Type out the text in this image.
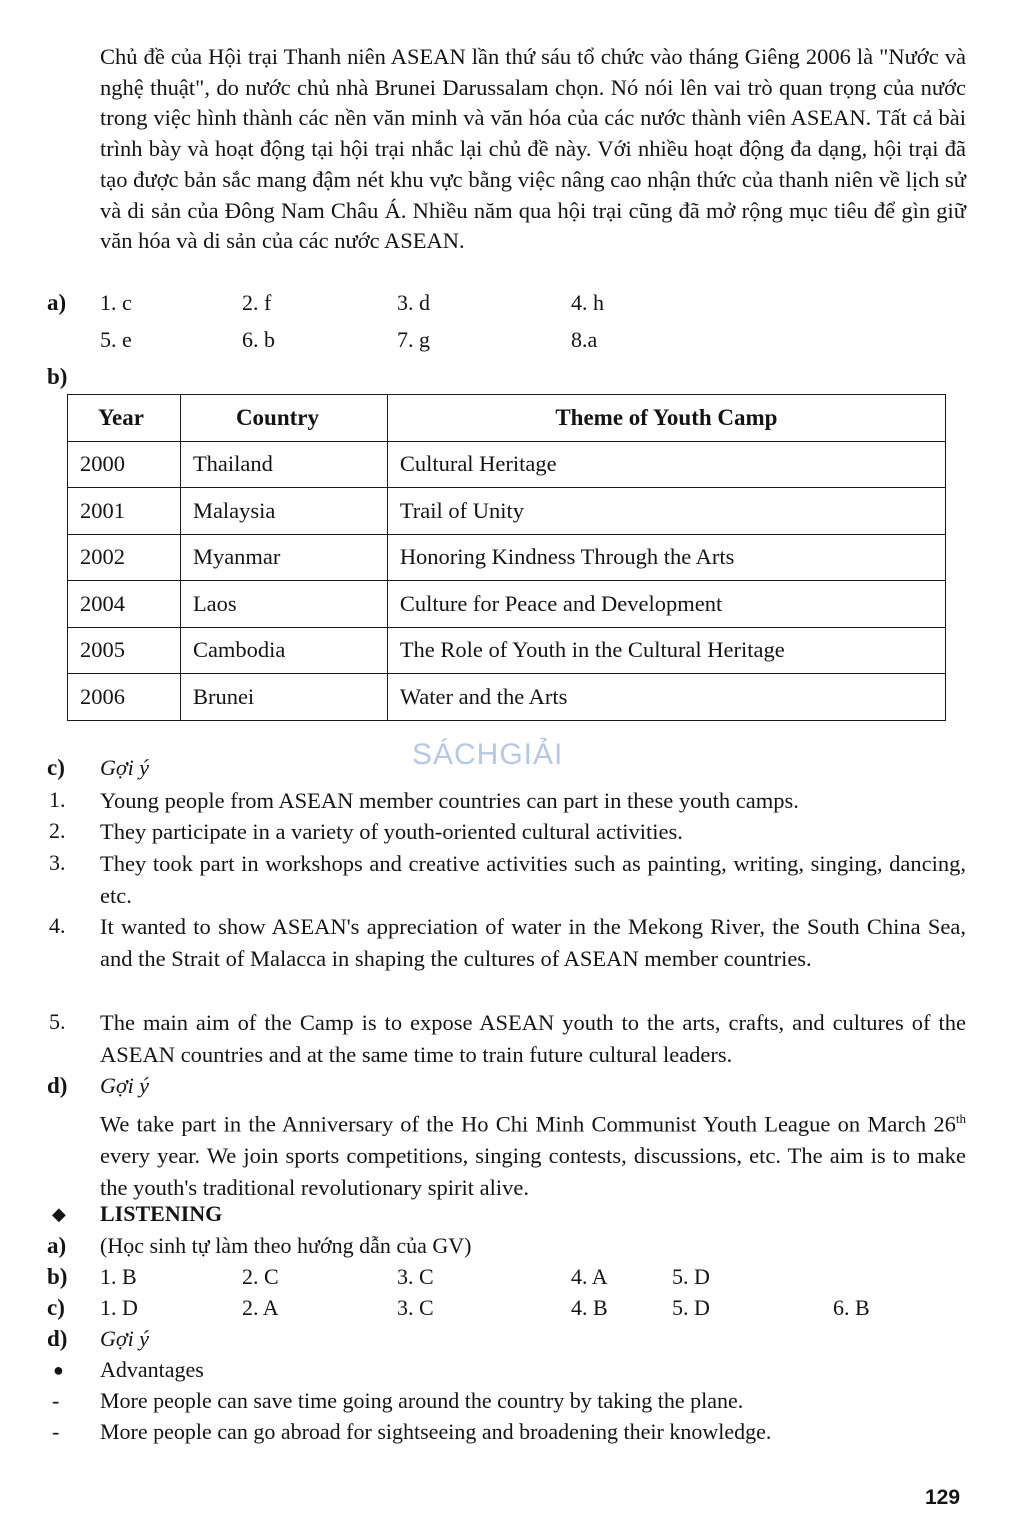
Chủ đề của Hội trại Thanh niên ASEAN lần thứ sáu tổ chức vào tháng Giêng 2006 là "Nước và nghệ thuật", do nước chủ nhà Brunei Darussalam chọn. Nó nói lên vai trò quan trọng của nước trong việc hình thành các nền văn minh và văn hóa của các nước thành viên ASEAN. Tất cả bài trình bày và hoạt động tại hội trại nhắc lại chủ đề này. Với nhiều hoạt động đa dạng, hội trại đã tạo được bản sắc mang đậm nét khu vực bằng việc nâng cao nhận thức của thanh niên về lịch sử và di sản của Đông Nam Châu Á. Nhiều năm qua hội trại cũng đã mở rộng mục tiêu để gìn giữ văn hóa và di sản của các nước ASEAN.

a) 1. c	2. f	3. d	4. h
5. e	6. b	7. g	8.a
b)
Year	Country	Theme of Youth Camp
2000	Thailand	Cultural Heritage
2001	Malaysia	Trail of Unity
2002	Myanmar	Honoring Kindness Through the Arts
2004	Laos	Culture for Peace and Development
2005	Cambodia	The Role of Youth in the Cultural Heritage
2006	Brunei	Water and the Arts
SÁCHGIẢI
c) Gợi ý
1. Young people from ASEAN member countries can part in these youth camps.

2. They participate in a variety of youth-oriented cultural activities.

3. They took part in workshops and creative activities such as painting, writing, singing, dancing, etc.

4. It wanted to show ASEAN's appreciation of water in the Mekong River, the South China Sea, and the Strait of Malacca in shaping the cultures of ASEAN member countries.

5. The main aim of the Camp is to expose ASEAN youth to the arts, crafts, and cultures of the ASEAN countries and at the same time to train future cultural leaders.

d) Gợi ý

We take part in the Anniversary of the Ho Chi Minh Communist Youth League on March 26th every year. We join sports competitions, singing contests, discussions, etc. The aim is to make the youth's traditional revolutionary spirit alive.

◆ LISTENING
a) (Học sinh tự làm theo hướng dẫn của GV)
b) 1. B	2. C	3. C	4. A	5. D
c) 1. D	2. A	3. C	4. B	5. D	6. B
d) Gợi ý
● Advantages
- More people can save time going around the country by taking the plane.
- More people can go abroad for sightseeing and broadening their knowledge.
129
